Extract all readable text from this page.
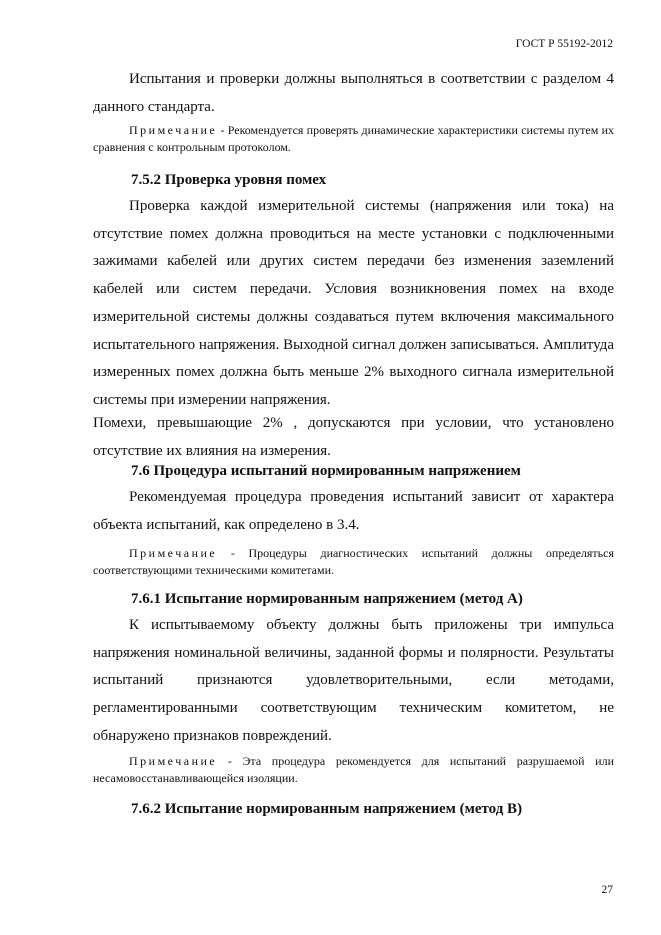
ГОСТ Р 55192-2012
Испытания и проверки должны выполняться в соответствии с разделом 4 данного стандарта.
Примечание - Рекомендуется проверять динамические характеристики системы путем их сравнения с контрольным протоколом.
7.5.2 Проверка уровня помех
Проверка каждой измерительной системы (напряжения или тока) на отсутствие помех должна проводиться на месте установки с подключенными зажимами кабелей или других систем передачи без изменения заземлений кабелей или систем передачи. Условия возникновения помех на входе измерительной системы должны создаваться путем включения максимального испытательного напряжения. Выходной сигнал должен записываться. Амплитуда измеренных помех должна быть меньше 2% выходного сигнала измерительной системы при измерении напряжения.
Помехи, превышающие 2% , допускаются при условии, что установлено отсутствие их влияния на измерения.
7.6 Процедура испытаний нормированным напряжением
Рекомендуемая процедура проведения испытаний зависит от характера объекта испытаний, как определено в 3.4.
Примечание - Процедуры диагностических испытаний должны определяться соответствующими техническими комитетами.
7.6.1 Испытание нормированным напряжением (метод А)
К испытываемому объекту должны быть приложены три импульса напряжения номинальной величины, заданной формы и полярности. Результаты испытаний признаются удовлетворительными, если методами, регламентированными соответствующим техническим комитетом, не обнаружено признаков повреждений.
Примечание - Эта процедура рекомендуется для испытаний разрушаемой или несамовосстанавливающейся изоляции.
7.6.2 Испытание нормированным напряжением (метод В)
27
